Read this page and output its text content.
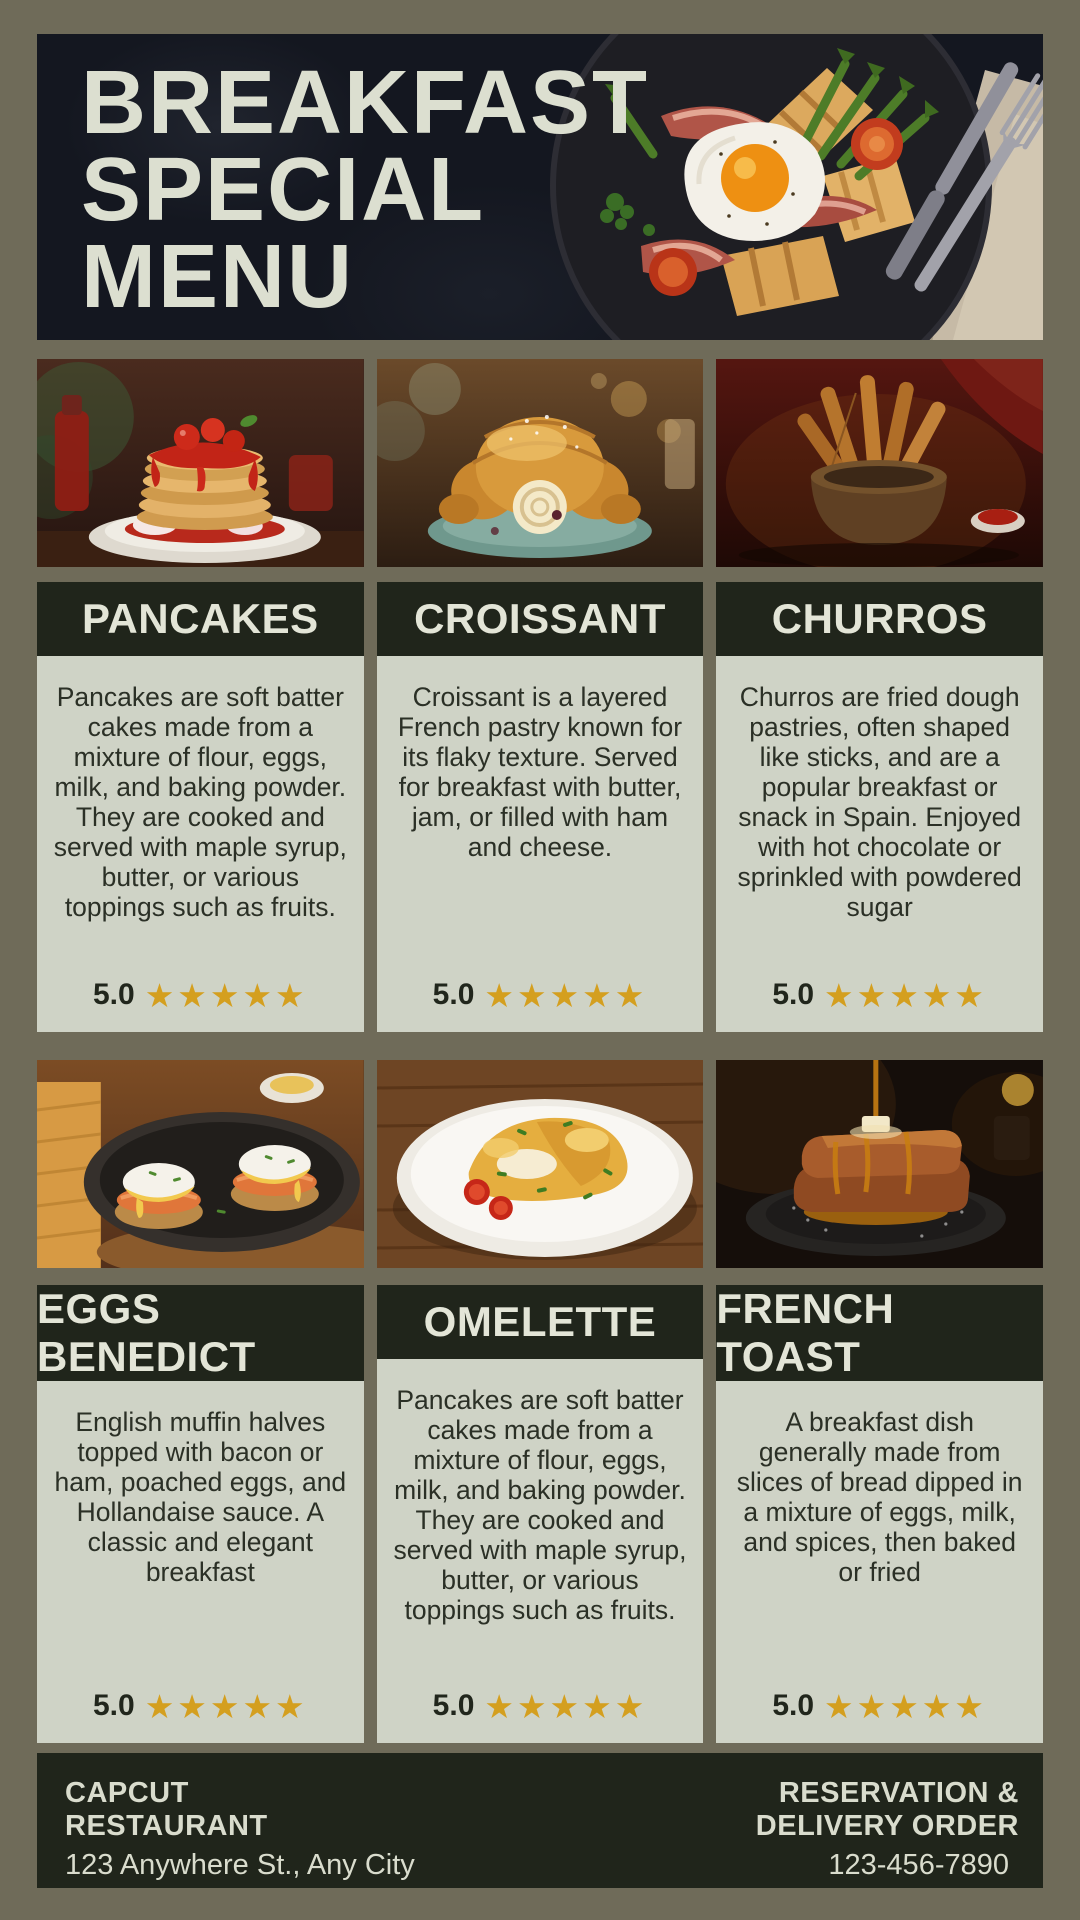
BREAKFAST
SPECIAL
MENU
PANCAKES
Pancakes are soft batter cakes made from a mixture of flour, eggs, milk, and baking powder. They are cooked and served with maple syrup, butter, or various toppings such as fruits.
5.0 ★★★★★
CROISSANT
Croissant is a layered French pastry known for its flaky texture. Served for breakfast with butter, jam, or filled with ham and cheese.
5.0 ★★★★★
CHURROS
Churros are fried dough pastries, often shaped like sticks, and are a popular breakfast or snack in Spain. Enjoyed with hot chocolate or sprinkled with powdered sugar
5.0 ★★★★★
EGGS BENEDICT
English muffin halves topped with bacon or ham, poached eggs, and Hollandaise sauce. A classic and elegant breakfast
5.0 ★★★★★
OMELETTE
Pancakes are soft batter cakes made from a mixture of flour, eggs, milk, and baking powder. They are cooked and served with maple syrup, butter, or various toppings such as fruits.
5.0 ★★★★★
FRENCH TOAST
A breakfast dish generally made from slices of bread dipped in a mixture of eggs, milk, and spices, then baked or fried
5.0 ★★★★★
CAPCUT
RESTAURANT
123 Anywhere St., Any City
RESERVATION &
DELIVERY ORDER
123-456-7890
